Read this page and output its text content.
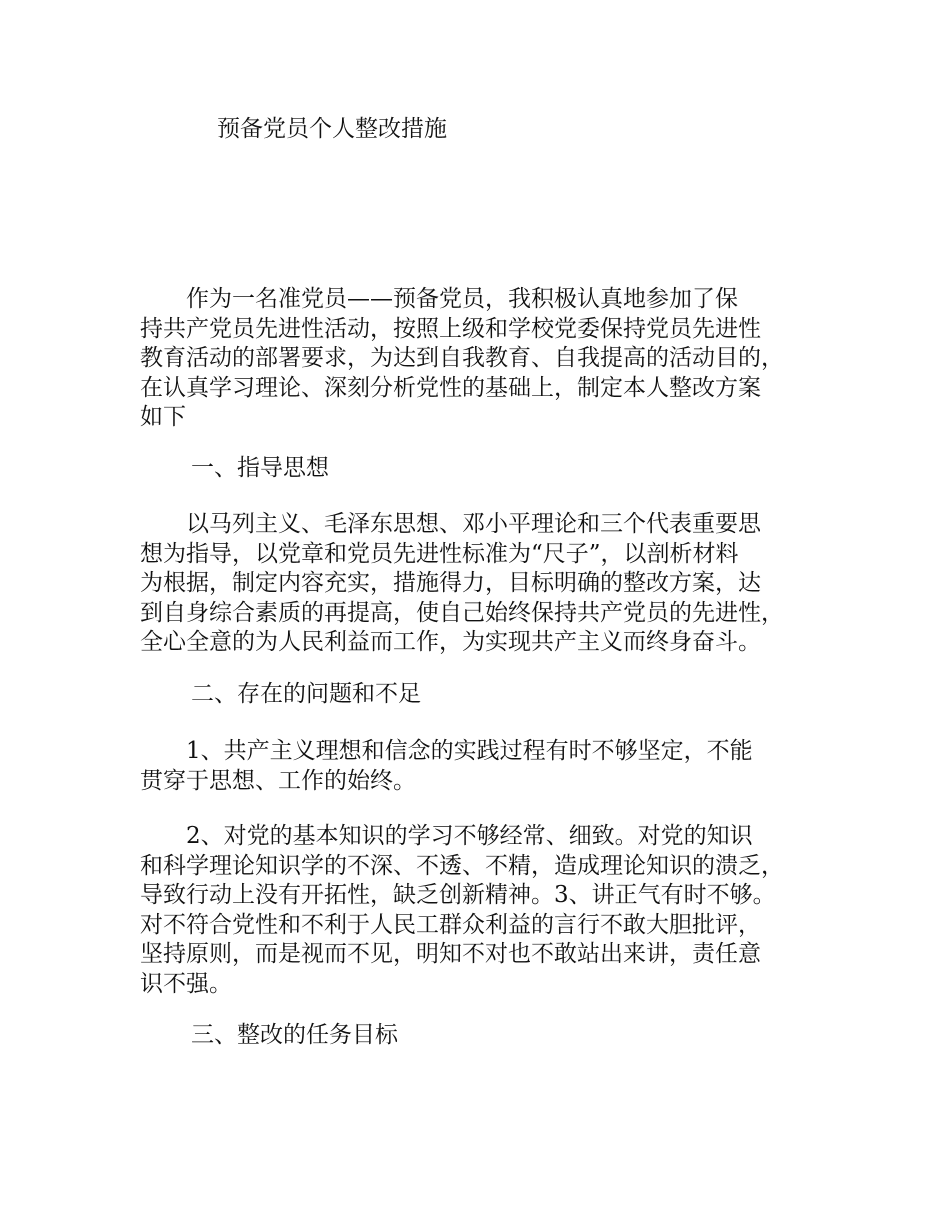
预备党员个人整改措施

　　作为一名准党员——预备党员，我积极认真地参加了保
持共产党员先进性活动，按照上级和学校党委保持党员先进性
教育活动的部署要求，为达到自我教育、自我提高的活动目的，
在认真学习理论、深刻分析党性的基础上，制定本人整改方案
如下

一、指导思想

　　以马列主义、毛泽东思想、邓小平理论和三个代表重要思
想为指导，以党章和党员先进性标准为“尺子”，以剖析材料
为根据，制定内容充实，措施得力，目标明确的整改方案，达
到自身综合素质的再提高，使自己始终保持共产党员的先进性，
全心全意的为人民利益而工作，为实现共产主义而终身奋斗。

二、存在的问题和不足

　　1、共产主义理想和信念的实践过程有时不够坚定，不能
贯穿于思想、工作的始终。

　　2、对党的基本知识的学习不够经常、细致。对党的知识
和科学理论知识学的不深、不透、不精，造成理论知识的溃乏，
导致行动上没有开拓性，缺乏创新精神。3、讲正气有时不够。
对不符合党性和不利于人民工群众利益的言行不敢大胆批评，
坚持原则，而是视而不见，明知不对也不敢站出来讲，责任意
识不强。

三、整改的任务目标
